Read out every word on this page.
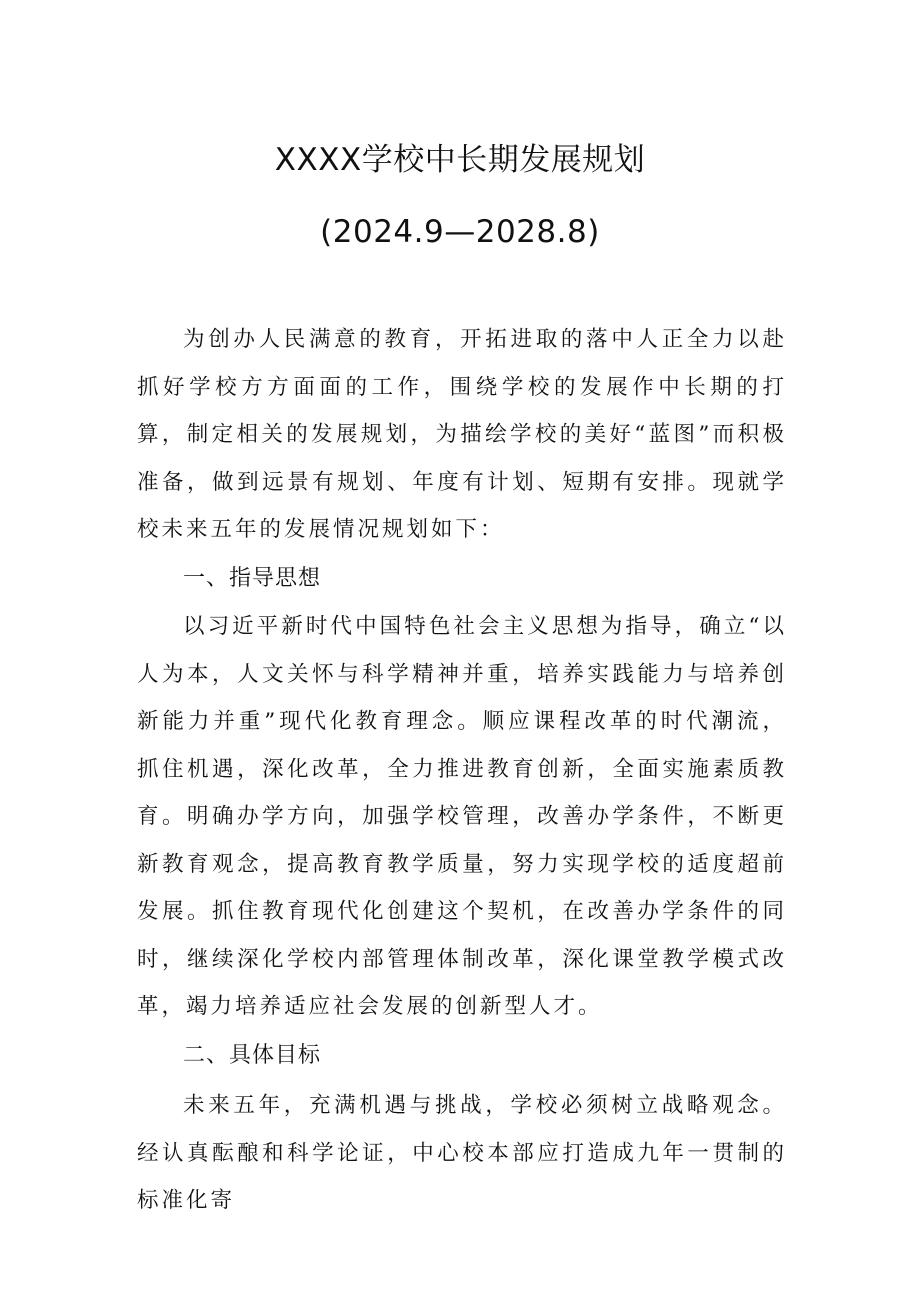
XXXX学校中长期发展规划
(2024.9—2028.8)

为创办人民满意的教育，开拓进取的落中人正全力以赴抓好学校方方面面的工作，围绕学校的发展作中长期的打算，制定相关的发展规划，为描绘学校的美好“蓝图”而积极准备，做到远景有规划、年度有计划、短期有安排。现就学校未来五年的发展情况规划如下：

一、指导思想

以习近平新时代中国特色社会主义思想为指导，确立“以人为本，人文关怀与科学精神并重，培养实践能力与培养创新能力并重”现代化教育理念。顺应课程改革的时代潮流，抓住机遇，深化改革，全力推进教育创新，全面实施素质教育。明确办学方向，加强学校管理，改善办学条件，不断更新教育观念，提高教育教学质量，努力实现学校的适度超前发展。抓住教育现代化创建这个契机，在改善办学条件的同时，继续深化学校内部管理体制改革，深化课堂教学模式改革，竭力培养适应社会发展的创新型人才。

二、具体目标

未来五年，充满机遇与挑战，学校必须树立战略观念。经认真酝酿和科学论证，中心校本部应打造成九年一贯制的标准化寄
